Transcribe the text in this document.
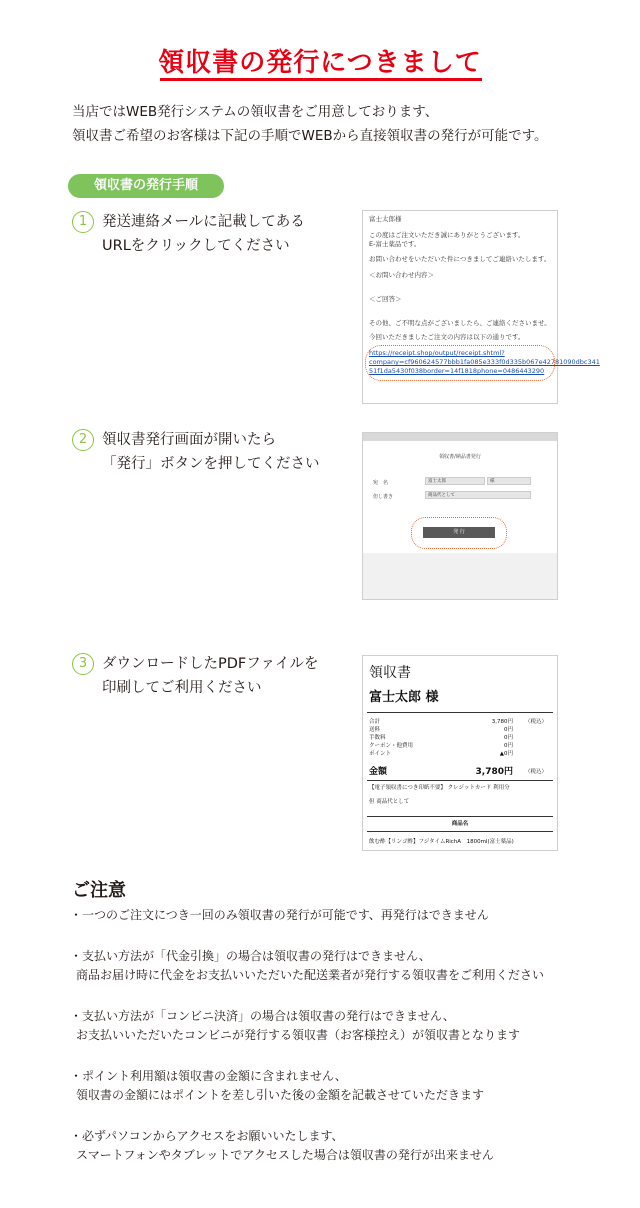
領収書の発行につきまして
当店ではWEB発行システムの領収書をご用意しております、
領収書ご希望のお客様は下記の手順でWEBから直接領収書の発行が可能です。
領収書の発行手順
1	発送連絡メールに記載してある
URLをクリックしてください
富士太郎様
この度はご注文いただき誠にありがとうございます。
E-富士薬品です。
お問い合わせをいただいた件につきましてご連絡いたします。
＜お問い合わせ内容＞
＜ご回答＞
その他、ご不明な点がございましたら、ご連絡くださいませ。
今回いただきましたご注文の内容は以下の通りです。
https://receipt.shop/output/receipt.shtml?
company=cf960624577bbb1fa085e333f0d335b067e42781090dbc341
51f1da5430f038border=14f1818phone=0486443290
2	領収書発行画面が開いたら
「発行」ボタンを押してください	領収書/納品書発行
宛　名	富士太郎	様
但し書き	商品代として
発 行
3	ダウンロードしたPDFファイルを
印刷してご利用ください
領収書
富士太郎 様
合計	3,780円 （税込）
送料	0円
手数料	0円
クーポン・他費用	0円
ポイント	▲0円
金額	3,780円 （税込）
【電子領収書につき印紙不要】 クレジットカード 利用分
但 商品代として
商品名
飲む酢【リンゴ酢】フジタイムRichA　1800ml(富士薬品)
ご注意
・一つのご注文につき一回のみ領収書の発行が可能です、再発行はできません
・支払い方法が「代金引換」の場合は領収書の発行はできません、
商品お届け時に代金をお支払いいただいた配送業者が発行する領収書をご利用ください
・支払い方法が「コンビニ決済」の場合は領収書の発行はできません、
お支払いいただいたコンビニが発行する領収書（お客様控え）が領収書となります
・ポイント利用額は領収書の金額に含まれません、
領収書の金額にはポイントを差し引いた後の金額を記載させていただきます
・必ずパソコンからアクセスをお願いいたします、
スマートフォンやタブレットでアクセスした場合は領収書の発行が出来ません
